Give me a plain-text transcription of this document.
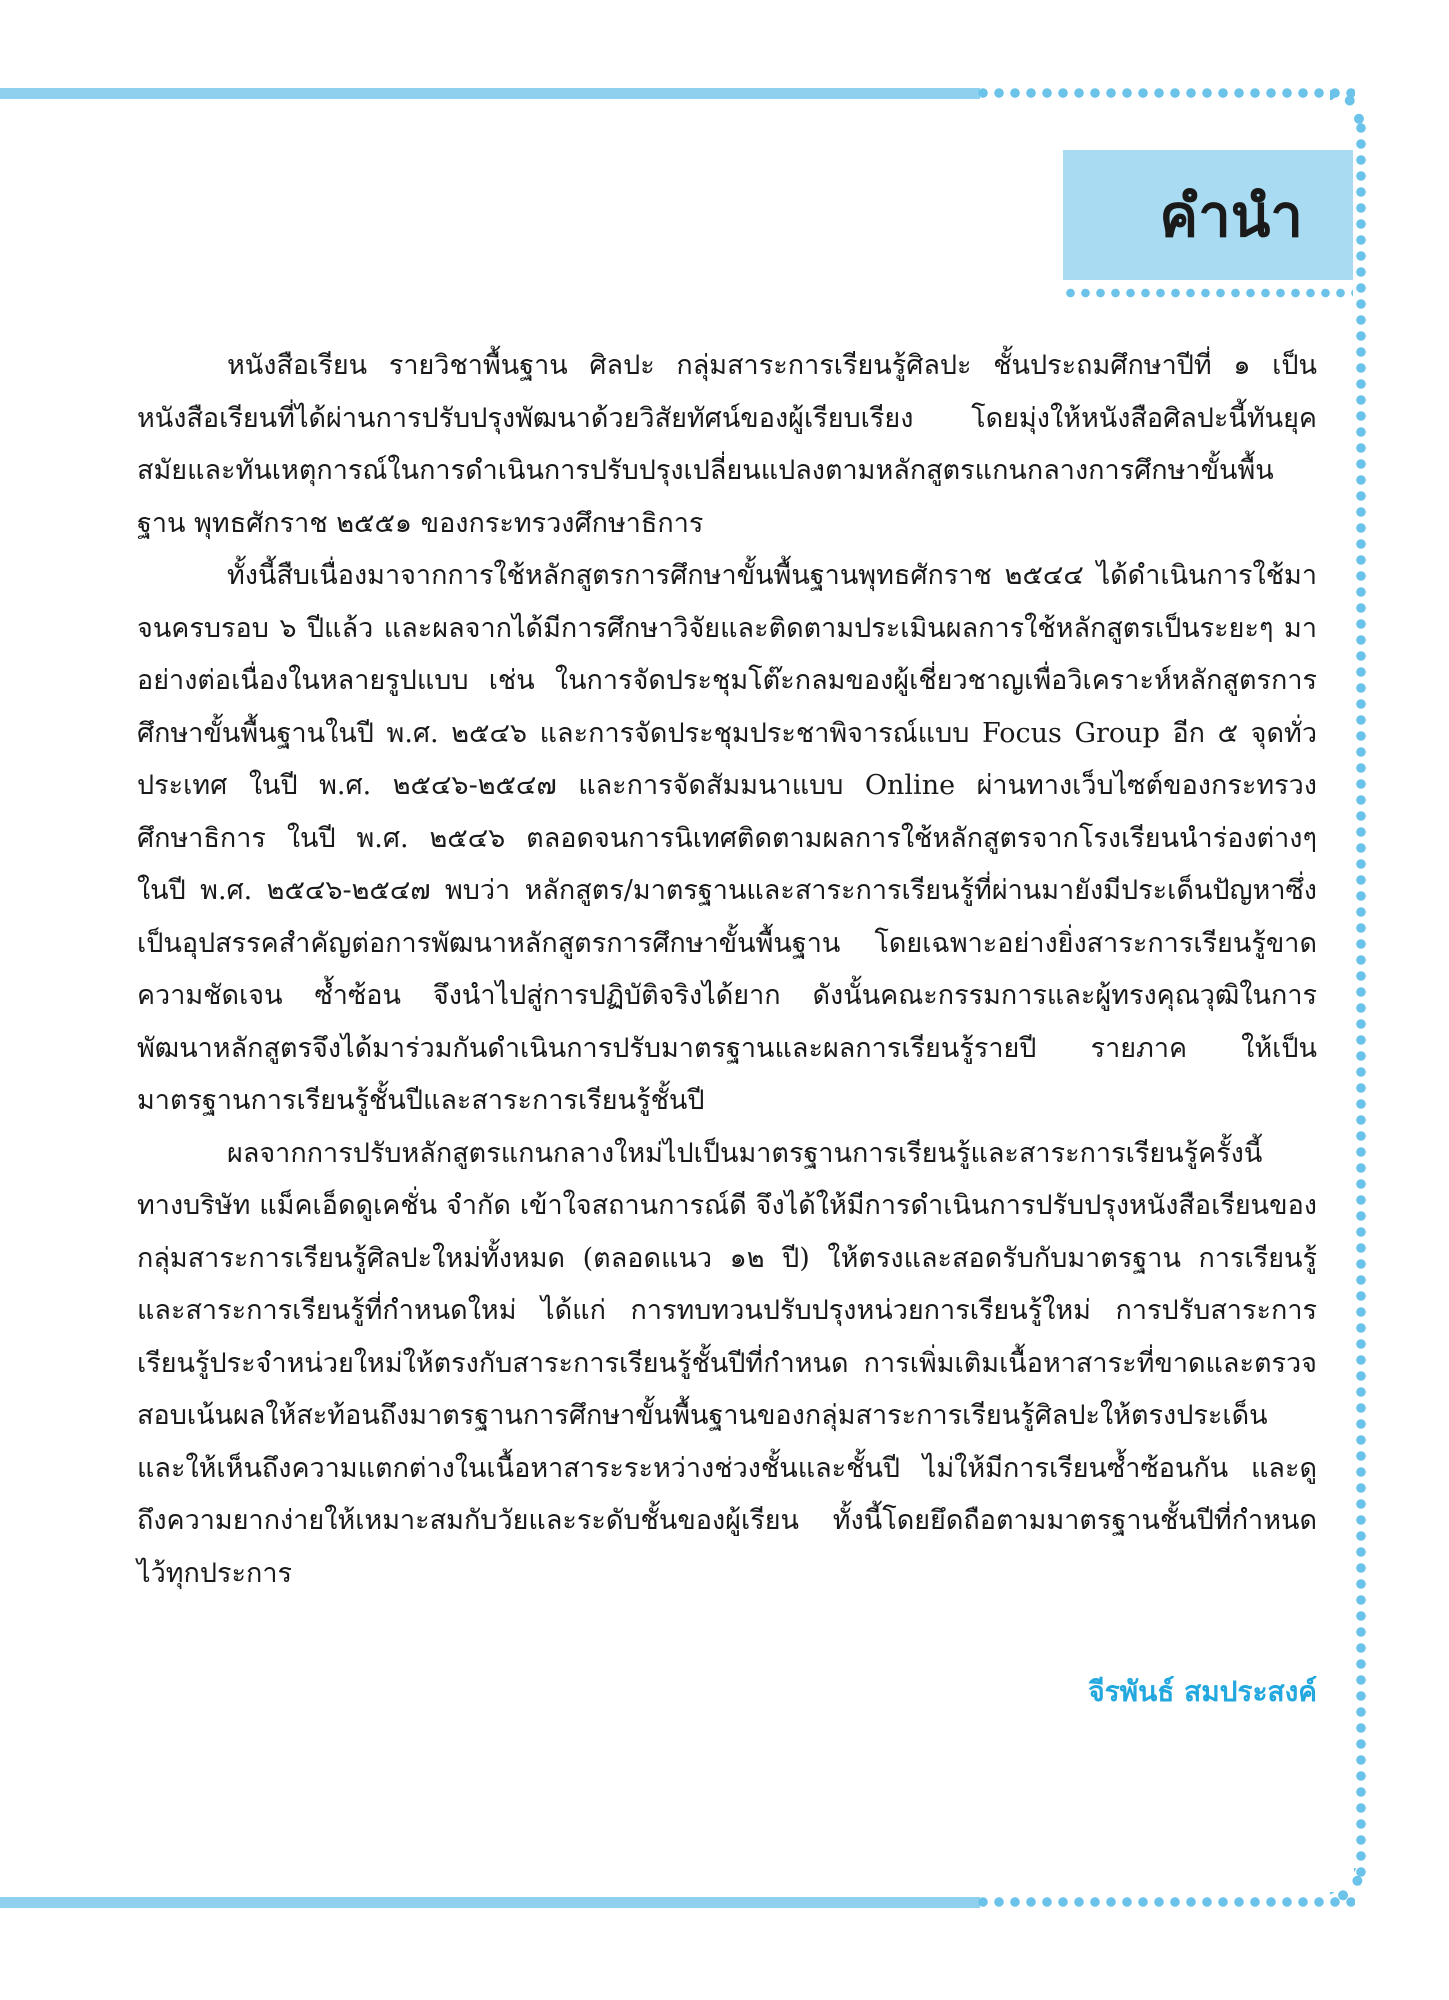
คำนำ

หนังสือเรียน รายวิชาพื้นฐาน ศิลปะ กลุ่มสาระการเรียนรู้ศิลปะ ชั้นประถมศึกษาปีที่ ๑ เป็นหนังสือเรียนที่ได้ผ่านการปรับปรุงพัฒนาด้วยวิสัยทัศน์ของผู้เรียบเรียง โดยมุ่งให้หนังสือศิลปะนี้ทันยุคสมัยและทันเหตุการณ์ในการดำเนินการปรับปรุงเปลี่ยนแปลงตามหลักสูตรแกนกลางการศึกษาขั้นพื้นฐาน พุทธศักราช ๒๕๕๑ ของกระทรวงศึกษาธิการ

ทั้งนี้สืบเนื่องมาจากการใช้หลักสูตรการศึกษาขั้นพื้นฐานพุทธศักราช ๒๕๔๔ ได้ดำเนินการใช้มาจนครบรอบ ๖ ปีแล้ว และผลจากได้มีการศึกษาวิจัยและติดตามประเมินผลการใช้หลักสูตรเป็นระยะๆ มาอย่างต่อเนื่องในหลายรูปแบบ เช่น ในการจัดประชุมโต๊ะกลมของผู้เชี่ยวชาญเพื่อวิเคราะห์หลักสูตรการศึกษาขั้นพื้นฐานในปี พ.ศ. ๒๕๔๖ และการจัดประชุมประชาพิจารณ์แบบ Focus Group อีก ๕ จุดทั่วประเทศ ในปี พ.ศ. ๒๕๔๖-๒๕๔๗ และการจัดสัมมนาแบบ Online ผ่านทางเว็บไซต์ของกระทรวงศึกษาธิการ ในปี พ.ศ. ๒๕๔๖ ตลอดจนการนิเทศติดตามผลการใช้หลักสูตรจากโรงเรียนนำร่องต่างๆ ในปี พ.ศ. ๒๕๔๖-๒๕๔๗ พบว่า หลักสูตร/มาตรฐานและสาระการเรียนรู้ที่ผ่านมายังมีประเด็นปัญหาซึ่งเป็นอุปสรรคสำคัญต่อการพัฒนาหลักสูตรการศึกษาขั้นพื้นฐาน โดยเฉพาะอย่างยิ่งสาระการเรียนรู้ขาดความชัดเจน ซ้ำซ้อน จึงนำไปสู่การปฏิบัติจริงได้ยาก ดังนั้นคณะกรรมการและผู้ทรงคุณวุฒิในการพัฒนาหลักสูตรจึงได้มาร่วมกันดำเนินการปรับมาตรฐานและผลการเรียนรู้รายปี รายภาค ให้เป็นมาตรฐานการเรียนรู้ชั้นปีและสาระการเรียนรู้ชั้นปี

ผลจากการปรับหลักสูตรแกนกลางใหม่ไปเป็นมาตรฐานการเรียนรู้และสาระการเรียนรู้ครั้งนี้ ทางบริษัท แม็คเอ็ดดูเคชั่น จำกัด เข้าใจสถานการณ์ดี จึงได้ให้มีการดำเนินการปรับปรุงหนังสือเรียนของกลุ่มสาระการเรียนรู้ศิลปะใหม่ทั้งหมด (ตลอดแนว ๑๒ ปี) ให้ตรงและสอดรับกับมาตรฐาน การเรียนรู้และสาระการเรียนรู้ที่กำหนดใหม่ ได้แก่ การทบทวนปรับปรุงหน่วยการเรียนรู้ใหม่ การปรับสาระการเรียนรู้ประจำหน่วยใหม่ให้ตรงกับสาระการเรียนรู้ชั้นปีที่กำหนด การเพิ่มเติมเนื้อหาสาระที่ขาดและตรวจสอบเน้นผลให้สะท้อนถึงมาตรฐานการศึกษาขั้นพื้นฐานของกลุ่มสาระการเรียนรู้ศิลปะให้ตรงประเด็น และให้เห็นถึงความแตกต่างในเนื้อหาสาระระหว่างช่วงชั้นและชั้นปี ไม่ให้มีการเรียนซ้ำซ้อนกัน และดูถึงความยากง่ายให้เหมาะสมกับวัยและระดับชั้นของผู้เรียน ทั้งนี้โดยยึดถือตามมาตรฐานชั้นปีที่กำหนดไว้ทุกประการ

จีรพันธ์ สมประสงค์
